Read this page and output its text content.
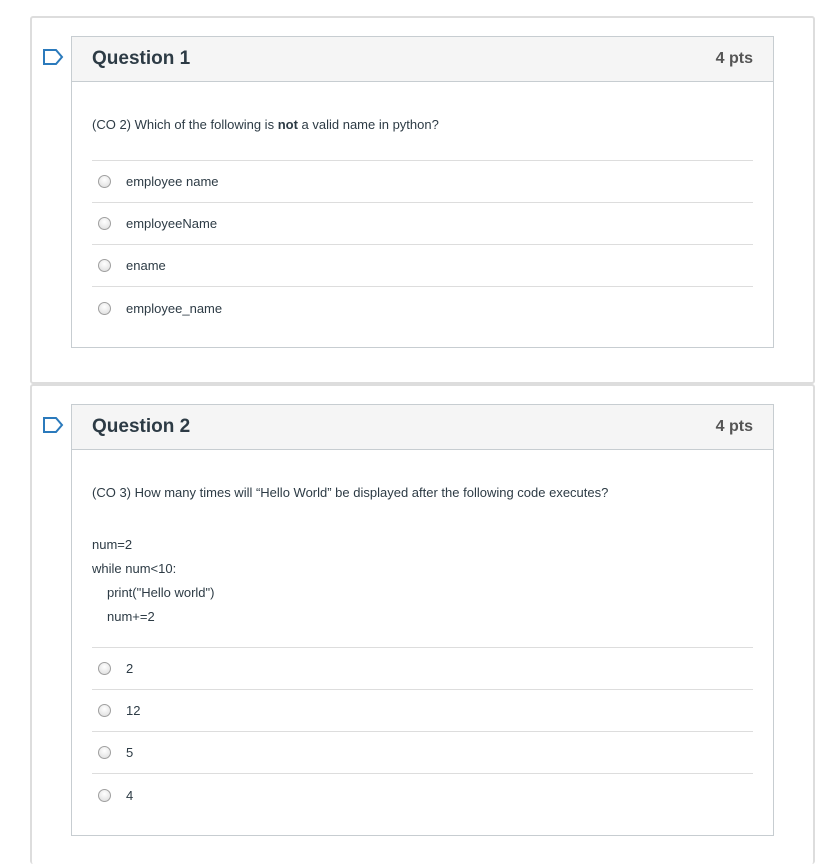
Question 1	4 pts
(CO 2) Which of the following is not a valid name in python?
employee name
employeeName
ename
employee_name
Question 2	4 pts
(CO 3) How many times will “Hello World” be displayed after the following code executes?
num=2
while num<10:
print("Hello world")
num+=2
2
12
5
4
